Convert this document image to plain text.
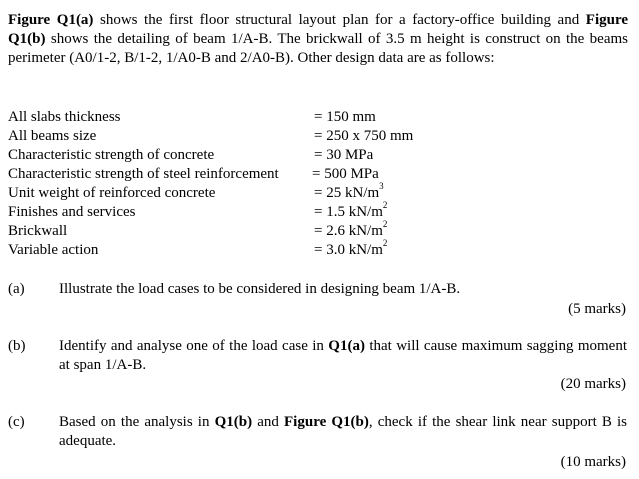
Figure Q1(a) shows the first floor structural layout plan for a factory-office building and Figure Q1(b) shows the detailing of beam 1/A-B. The brickwall of 3.5 m height is construct on the beams perimeter (A0/1-2, B/1-2, 1/A0-B and 2/A0-B). Other design data are as follows:
All slabs thickness	= 150 mm
All beams size	= 250 x 750 mm
Characteristic strength of concrete	= 30 MPa
Characteristic strength of steel reinforcement = 500 MPa
Unit weight of reinforced concrete	= 25 $kN/m^3$
Finishes and services	= 1.5 $kN/m^2$
Brickwall	= 2.6 $kN/m^2$
Variable action	= 3.0 $kN/m^2$
(a) Illustrate the load cases to be considered in designing beam 1/A-B.
(5 marks)
(b) Identify and analyse one of the load case in Q1(a) that will cause maximum sagging moment at span 1/A-B.
(20 marks)
(c) Based on the analysis in Q1(b) and Figure Q1(b), check if the shear link near support B is adequate.
(10 marks)
